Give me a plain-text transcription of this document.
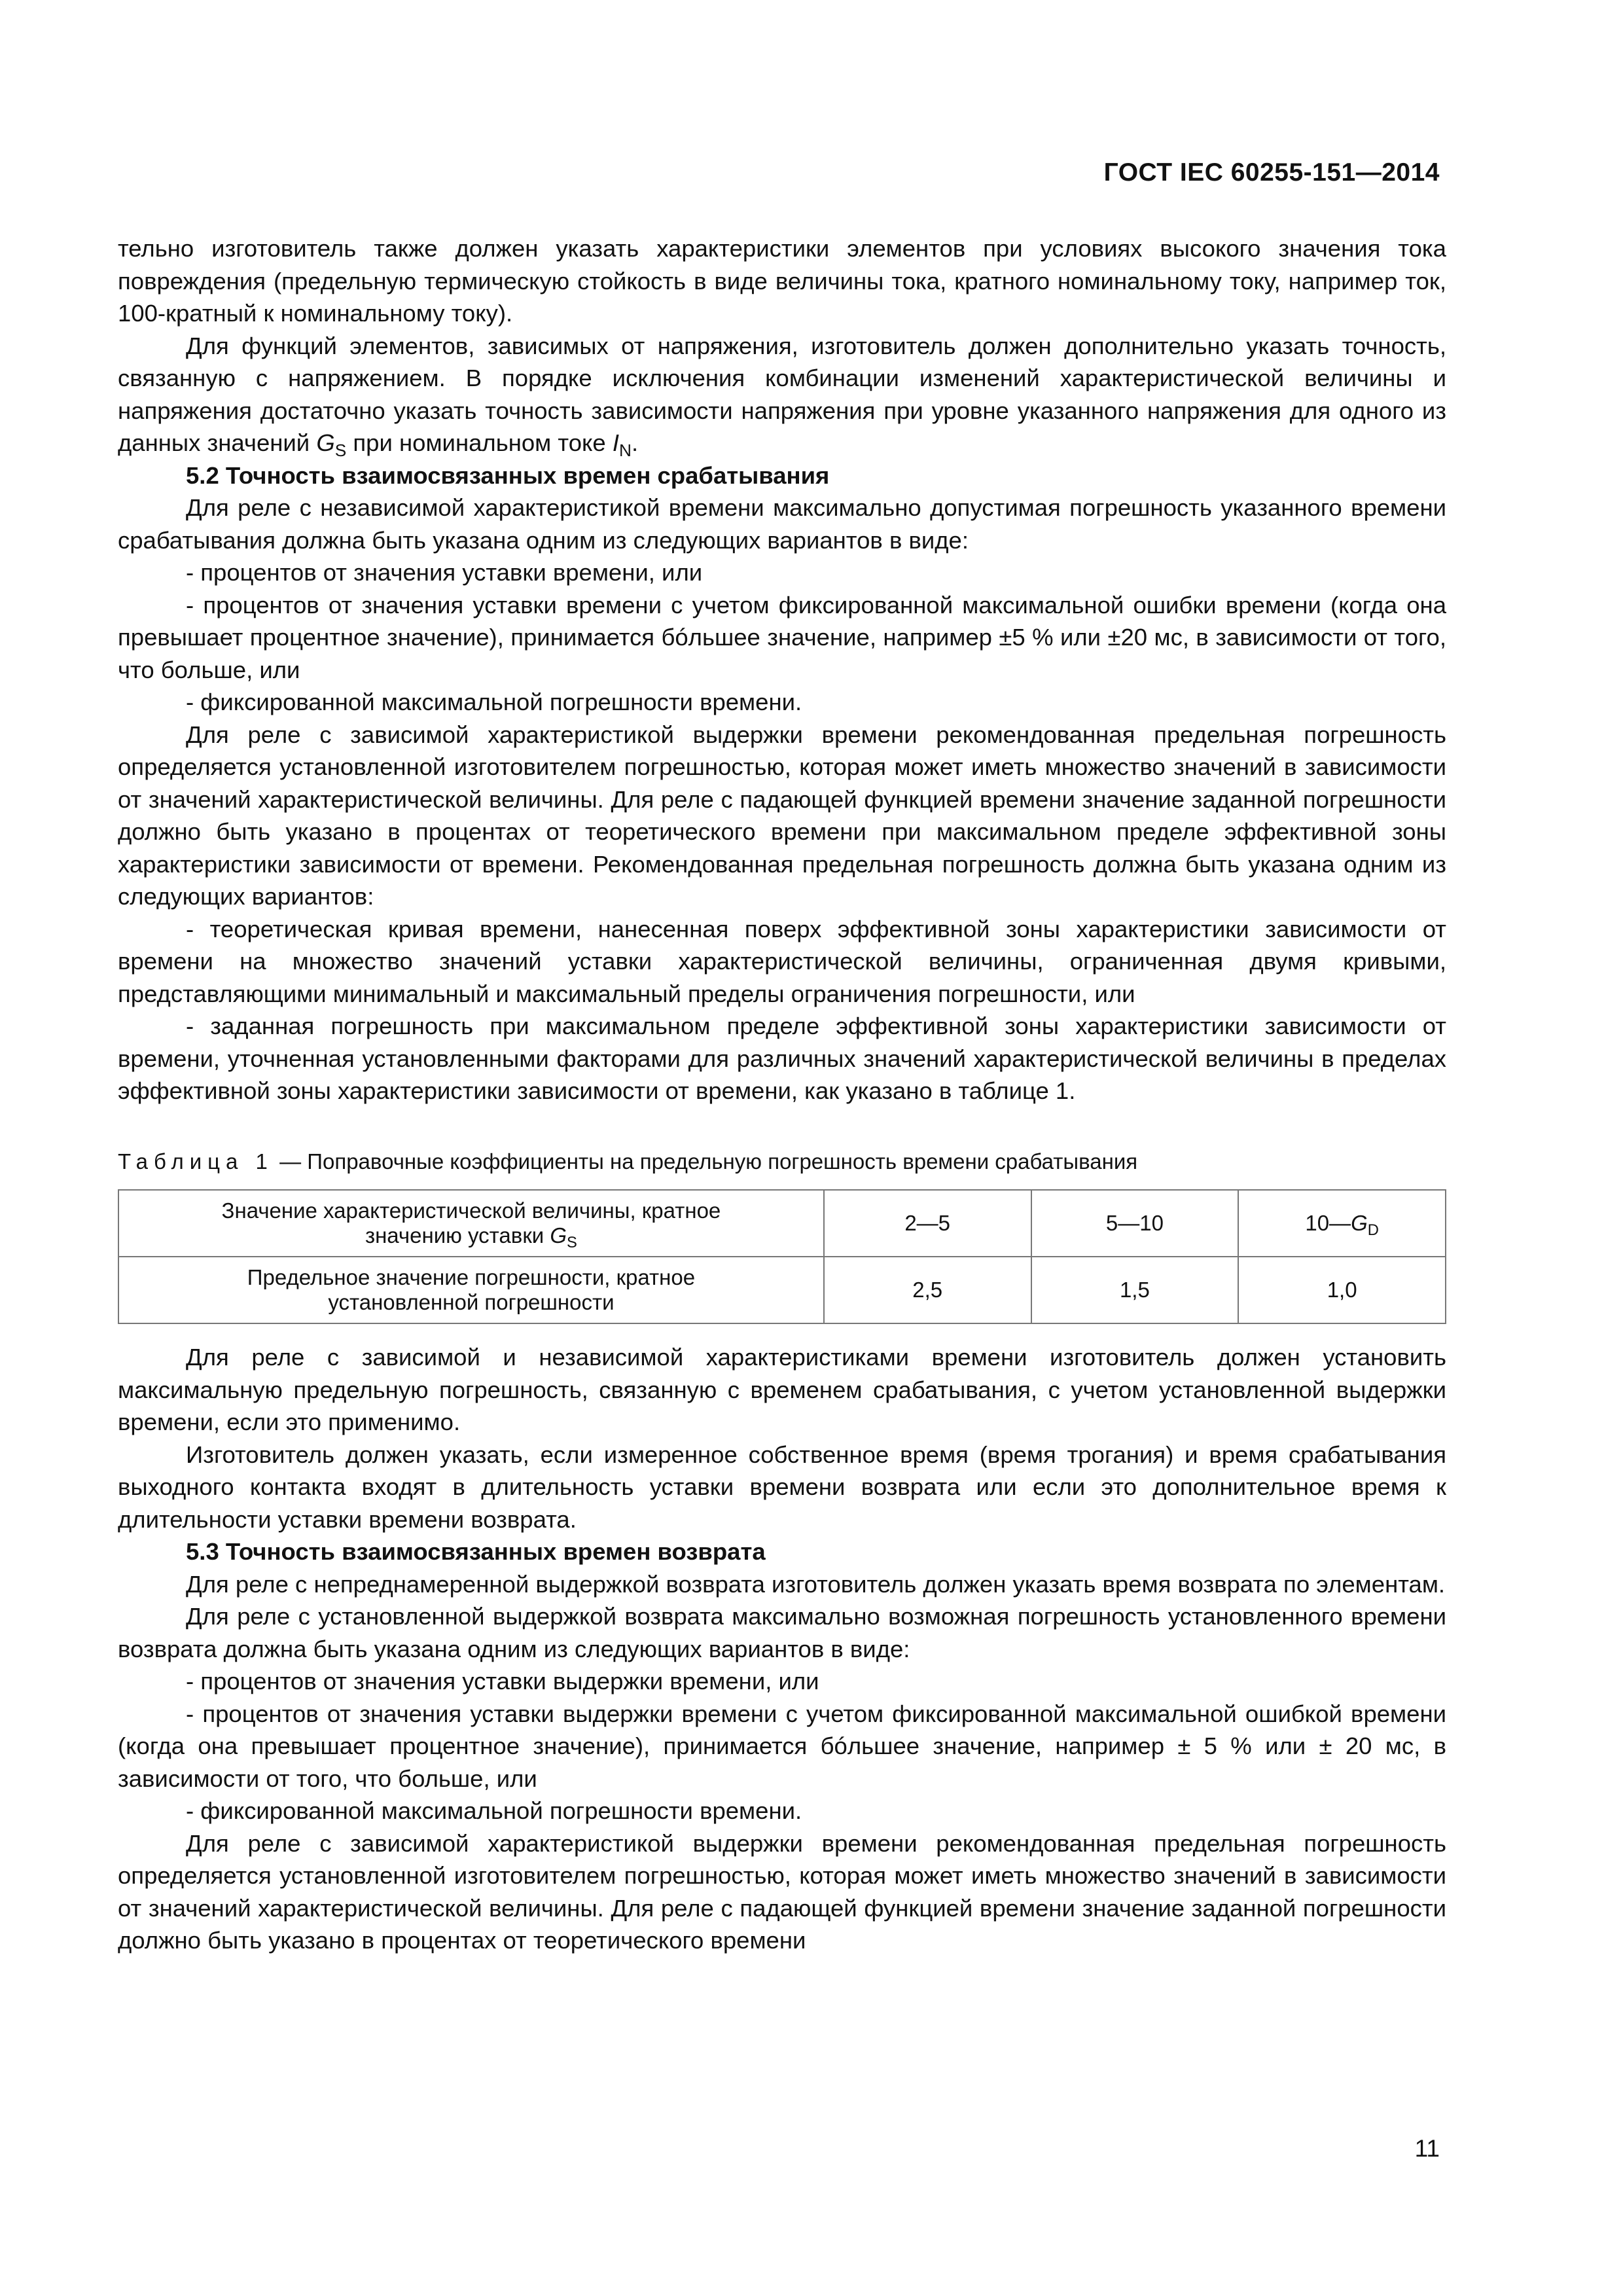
ГОСТ IEC 60255-151—2014

тельно изготовитель также должен указать характеристики элементов при условиях высокого значения тока повреждения (предельную термическую стойкость в виде величины тока, кратного номинальному току, например ток, 100-кратный к номинальному току).

Для функций элементов, зависимых от напряжения, изготовитель должен дополнительно указать точность, связанную с напряжением. В порядке исключения комбинации изменений характеристической величины и напряжения достаточно указать точность зависимости напряжения при уровне указанного напряжения для одного из данных значений $G_S$ при номинальном токе $I_N$.

5.2 Точность взаимосвязанных времен срабатывания

Для реле с независимой характеристикой времени максимально допустимая погрешность указанного времени срабатывания должна быть указана одним из следующих вариантов в виде:

- процентов от значения уставки времени, или

- процентов от значения уставки времени с учетом фиксированной максимальной ошибки времени (когда она превышает процентное значение), принимается бóльшее значение, например ±5 % или ±20 мс, в зависимости от того, что больше, или

- фиксированной максимальной погрешности времени.

Для реле с зависимой характеристикой выдержки времени рекомендованная предельная погрешность определяется установленной изготовителем погрешностью, которая может иметь множество значений в зависимости от значений характеристической величины. Для реле с падающей функцией времени значение заданной погрешности должно быть указано в процентах от теоретического времени при максимальном пределе эффективной зоны характеристики зависимости от времени. Рекомендованная предельная погрешность должна быть указана одним из следующих вариантов:

- теоретическая кривая времени, нанесенная поверх эффективной зоны характеристики зависимости от времени на множество значений уставки характеристической величины, ограниченная двумя кривыми, представляющими минимальный и максимальный пределы ограничения погрешности, или

- заданная погрешность при максимальном пределе эффективной зоны характеристики зависимости от времени, уточненная установленными факторами для различных значений характеристической величины в пределах эффективной зоны характеристики зависимости от времени, как указано в таблице 1.

Таблица 1 — Поправочные коэффициенты на предельную погрешность времени срабатывания
Значение характеристической величины, кратное
значению уставки $G_S$	2—5	5—10	$10—G_D$
Предельное значение погрешности, кратное
установленной погрешности	2,5	1,5	1,0

Для реле с зависимой и независимой характеристиками времени изготовитель должен установить максимальную предельную погрешность, связанную с временем срабатывания, с учетом установленной выдержки времени, если это применимо.

Изготовитель должен указать, если измеренное собственное время (время трогания) и время срабатывания выходного контакта входят в длительность уставки времени возврата или если это дополнительное время к длительности уставки времени возврата.

5.3 Точность взаимосвязанных времен возврата

Для реле с непреднамеренной выдержкой возврата изготовитель должен указать время возврата по элементам.

Для реле с установленной выдержкой возврата максимально возможная погрешность установленного времени возврата должна быть указана одним из следующих вариантов в виде:

- процентов от значения уставки выдержки времени, или

- процентов от значения уставки выдержки времени с учетом фиксированной максимальной ошибкой времени (когда она превышает процентное значение), принимается бóльшее значение, например ± 5 % или ± 20 мс, в зависимости от того, что больше, или

- фиксированной максимальной погрешности времени.

Для реле с зависимой характеристикой выдержки времени рекомендованная предельная погрешность определяется установленной изготовителем погрешностью, которая может иметь множество значений в зависимости от значений характеристической величины. Для реле с падающей функцией времени значение заданной погрешности должно быть указано в процентах от теоретического времени

11
